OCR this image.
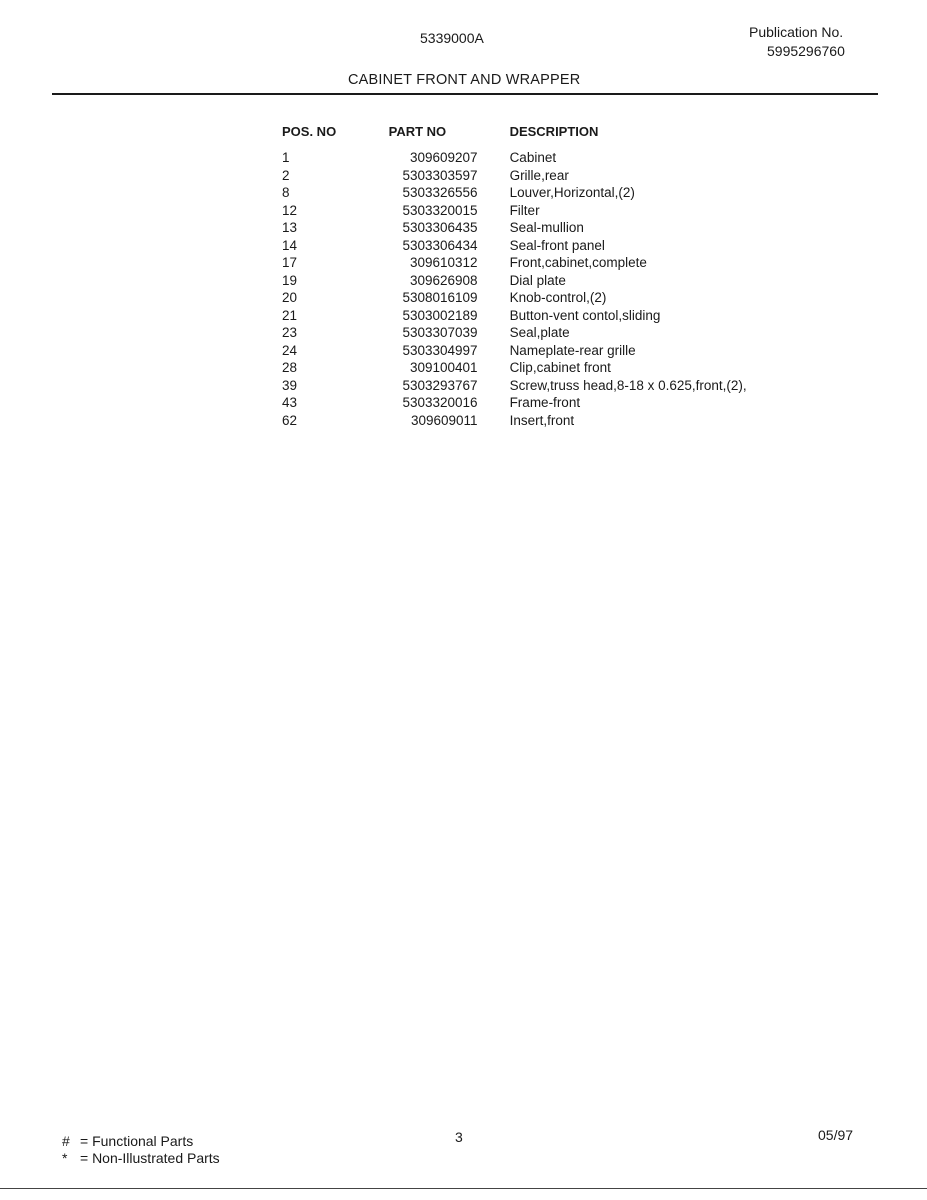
5339000A	Publication No.
5995296760
CABINET FRONT AND WRAPPER
POS. NO	PART NO	DESCRIPTION
1	309609207	Cabinet
2	5303303597	Grille,rear
8	5303326556	Louver,Horizontal,(2)
12	5303320015	Filter
13	5303306435	Seal-mullion
14	5303306434	Seal-front panel
17	309610312	Front,cabinet,complete
19	309626908	Dial plate
20	5308016109	Knob-control,(2)
21	5303002189	Button-vent contol,sliding
23	5303307039	Seal,plate
24	5303304997	Nameplate-rear grille
28	309100401	Clip,cabinet front
39	5303293767	Screw,truss head,8-18 x 0.625,front,(2),
43	5303320016	Frame-front
62	309609011	Insert,front
# = Functional Parts
* = Non-Illustrated Parts
3	05/97
